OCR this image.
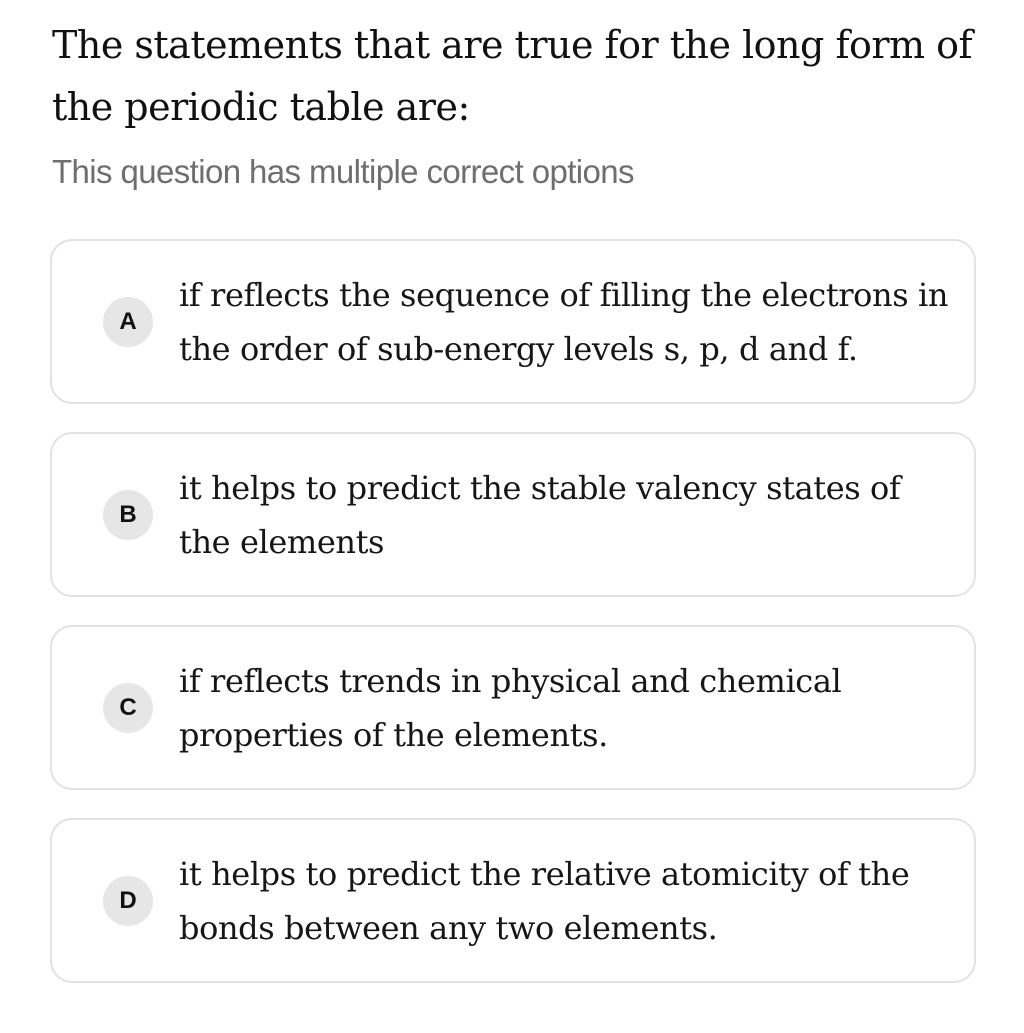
The statements that are true for the long form of the periodic table are:
This question has multiple correct options
A
if reflects the sequence of filling the electrons in the order of sub-energy levels s, p, d and f.
B
it helps to predict the stable valency states of the elements
C
if reflects trends in physical and chemical properties of the elements.
D
it helps to predict the relative atomicity of the bonds between any two elements.
